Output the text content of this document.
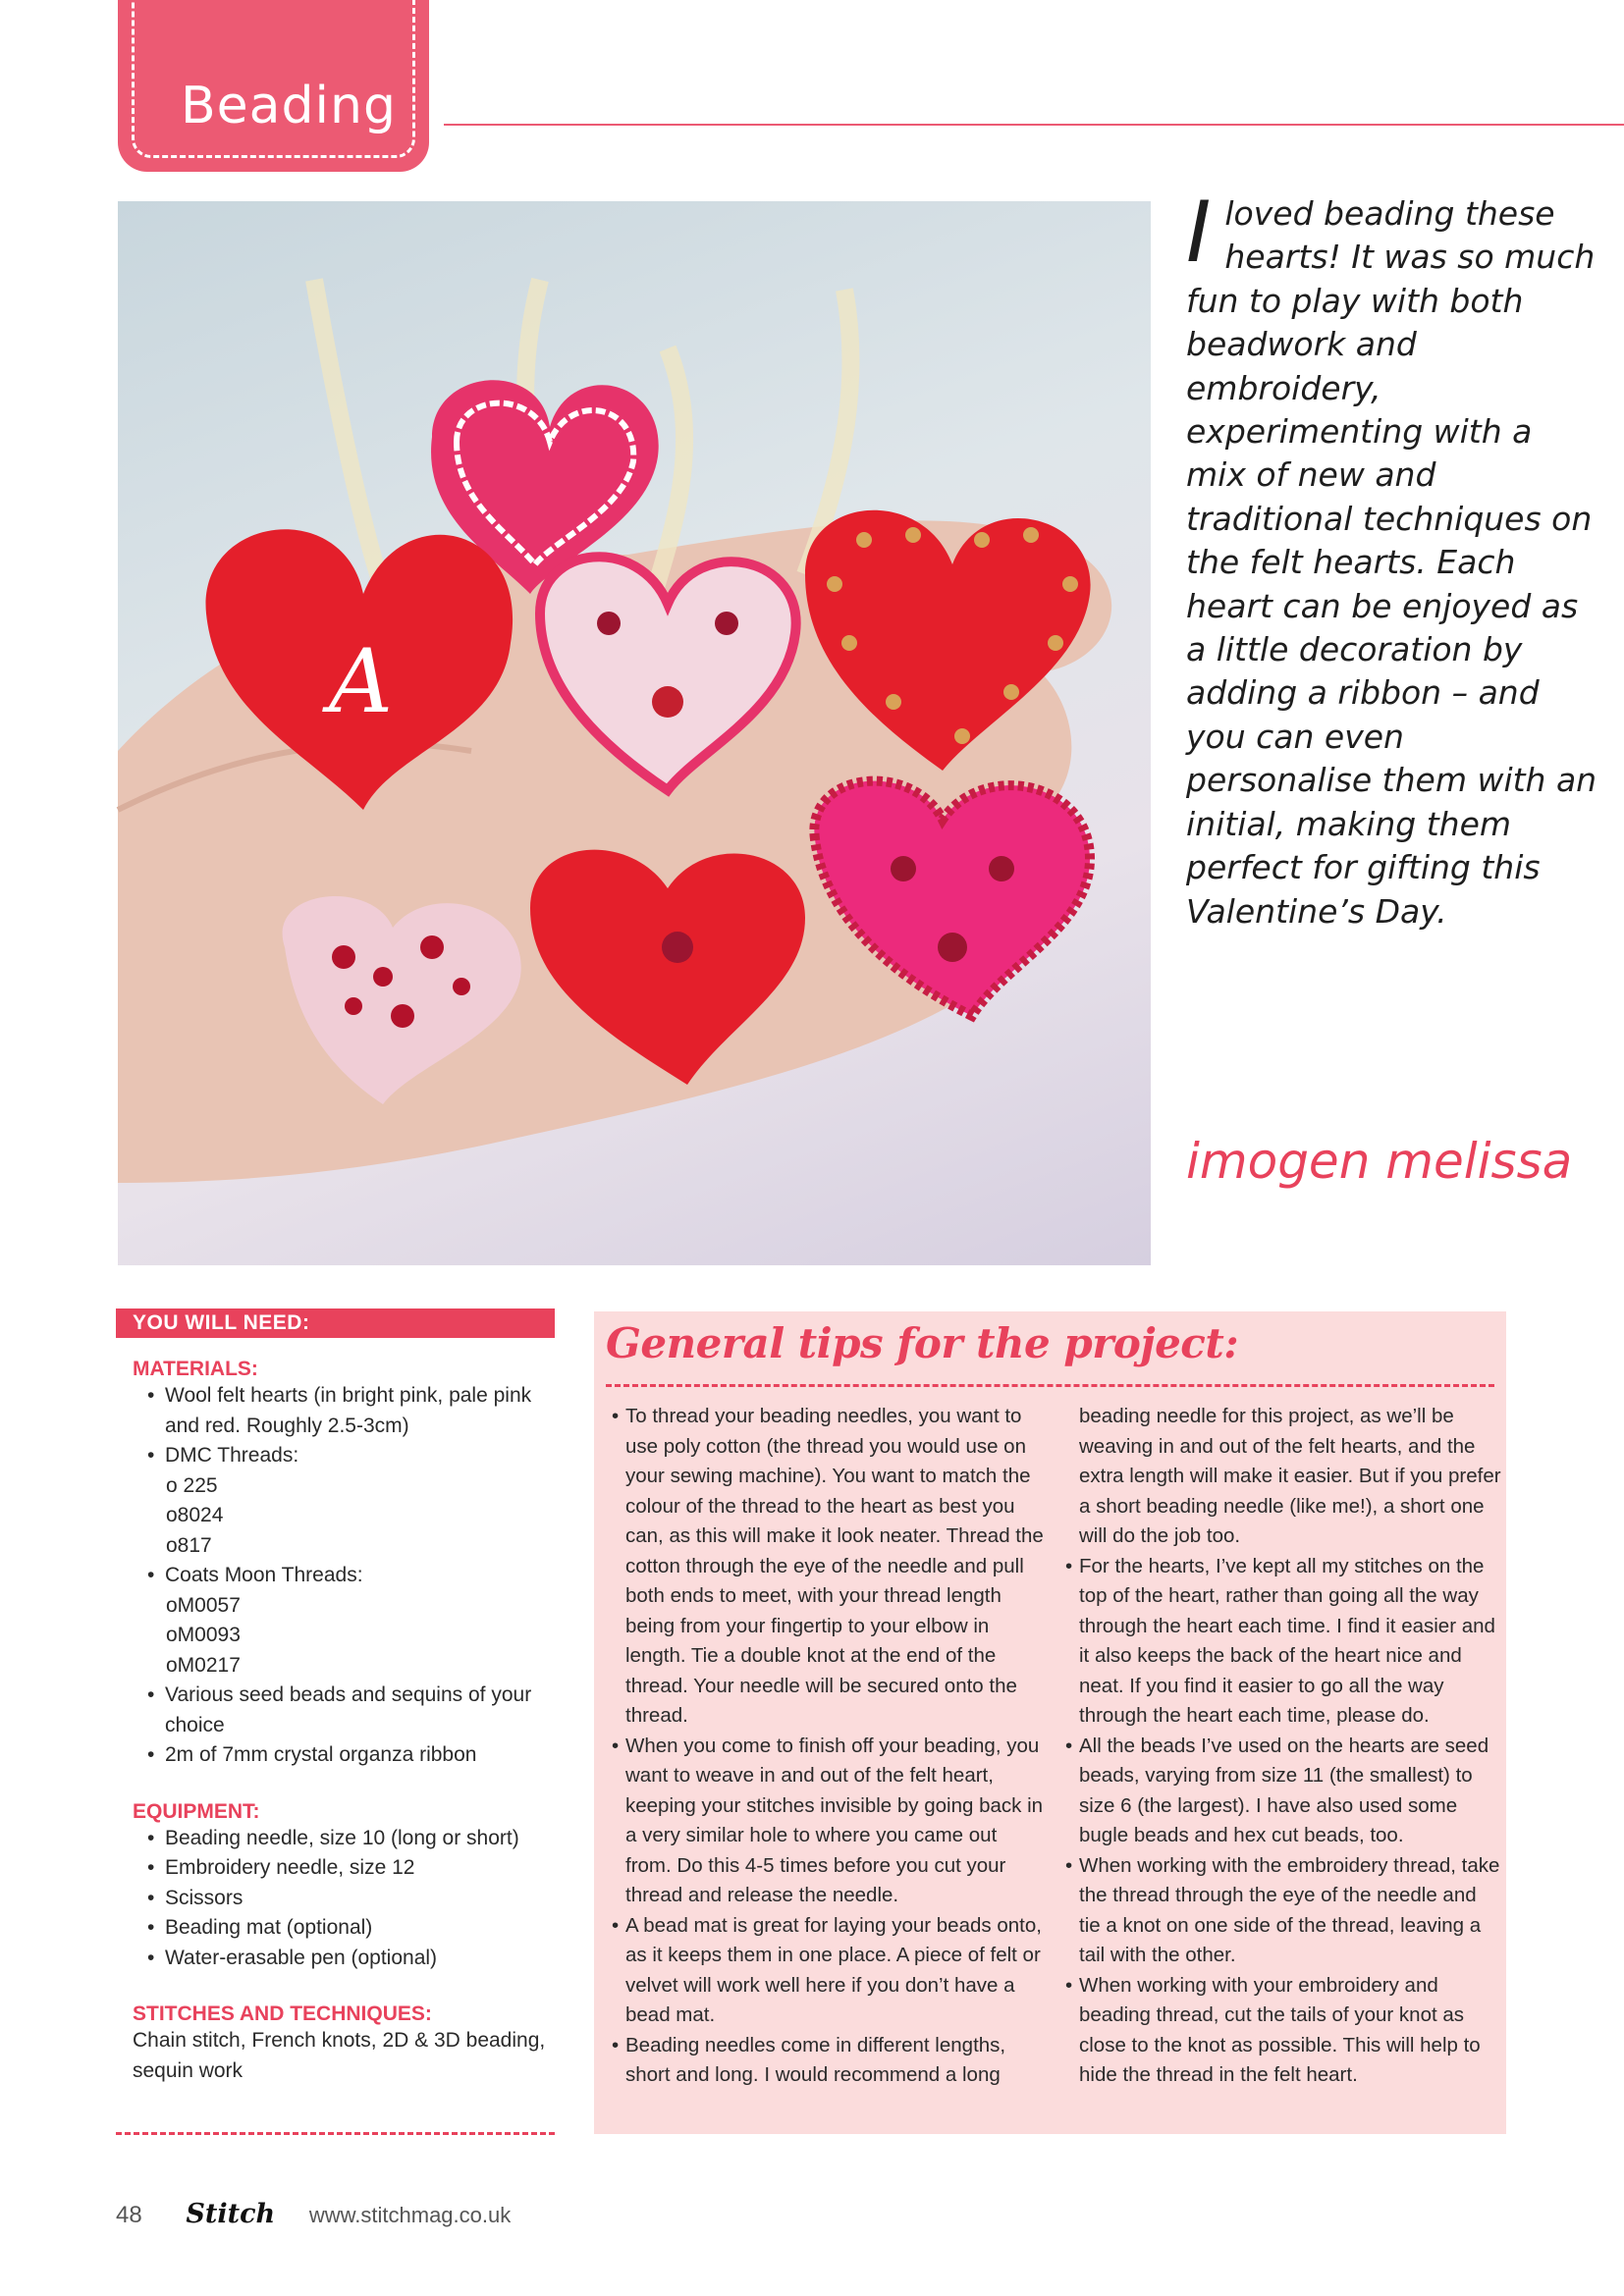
Beading
A
I loved beading these hearts! It was so much fun to play with both beadwork and embroidery, experimenting with a mix of new and traditional techniques on the felt hearts. Each heart can be enjoyed as a little decoration by adding a ribbon – and you can even personalise them with an initial, making them perfect for gifting this Valentine’s Day.
imogen melissa
YOU WILL NEED:
MATERIALS:
• Wool felt hearts (in bright pink, pale pink and red. Roughly 2.5-3cm)
• DMC Threads:
o 225
o8024
o817
• Coats Moon Threads:
oM0057
oM0093
oM0217
• Various seed beads and sequins of your choice
• 2m of 7mm crystal organza ribbon
EQUIPMENT:
• Beading needle, size 10 (long or short)
• Embroidery needle, size 12
• Scissors
• Beading mat (optional)
• Water-erasable pen (optional)
STITCHES AND TECHNIQUES:

Chain stitch, French knots, 2D & 3D beading, sequin work

General tips for the project:
• To thread your beading needles, you want to use poly cotton (the thread you would use on your sewing machine). You want to match the colour of the thread to the heart as best you can, as this will make it look neater. Thread the cotton through the eye of the needle and pull both ends to meet, with your thread length being from your fingertip to your elbow in length. Tie a double knot at the end of the thread. Your needle will be secured onto the thread.
• When you come to finish off your beading, you want to weave in and out of the felt heart, keeping your stitches invisible by going back in a very similar hole to where you came out from. Do this 4-5 times before you cut your thread and release the needle.
• A bead mat is great for laying your beads onto, as it keeps them in one place. A piece of felt or velvet will work well here if you don’t have a bead mat.
• Beading needles come in different lengths, short and long. I would recommend a long
beading needle for this project, as we’ll be weaving in and out of the felt hearts, and the extra length will make it easier. But if you prefer a short beading needle (like me!), a short one will do the job too.
• For the hearts, I’ve kept all my stitches on the top of the heart, rather than going all the way through the heart each time. I find it easier and it also keeps the back of the heart nice and neat. If you find it easier to go all the way through the heart each time, please do.
• All the beads I’ve used on the hearts are seed beads, varying from size 11 (the smallest) to size 6 (the largest). I have also used some bugle beads and hex cut beads, too.
• When working with the embroidery thread, take the thread through the eye of the needle and tie a knot on one side of the thread, leaving a tail with the other.
• When working with your embroidery and beading thread, cut the tails of your knot as close to the knot as possible. This will help to hide the thread in the felt heart.
48 Stitch www.stitchmag.co.uk
